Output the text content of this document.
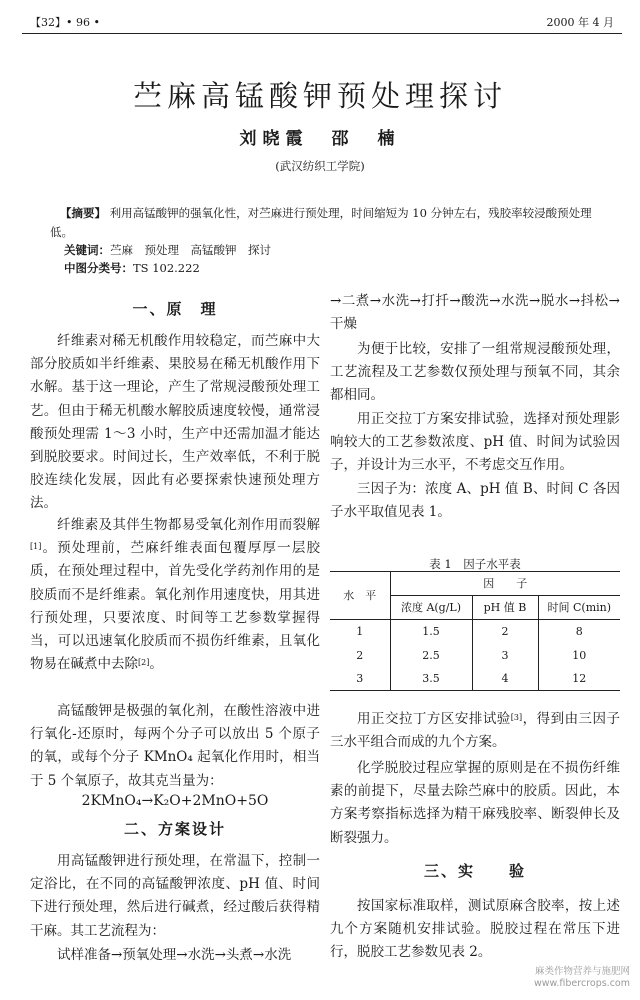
【32】• 96 •	2000 年 4 月
苎麻高锰酸钾预处理探讨
刘晓霞　邵　楠
(武汉纺织工学院)
【摘要】 利用高锰酸钾的强氧化性，对苎麻进行预处理，时间缩短为 10 分钟左右，残胶率较浸酸预处理低。
关键词：苎麻　预处理　高锰酸钾　探讨
中图分类号：TS 102.222
一、原　理

纤维素对稀无机酸作用较稳定，而苎麻中大部分胶质如半纤维素、果胶易在稀无机酸作用下水解。基于这一理论，产生了常规浸酸预处理工艺。但由于稀无机酸水解胶质速度较慢，通常浸酸预处理需 1～3 小时，生产中还需加温才能达到脱胶要求。时间过长，生产效率低，不利于脱胶连续化发展，因此有必要探索快速预处理方法。

纤维素及其伴生物都易受氧化剂作用而裂解[1]。预处理前，苎麻纤维表面包覆厚厚一层胶质，在预处理过程中，首先受化学药剂作用的是胶质而不是纤维素。氧化剂作用速度快，用其进行预处理，只要浓度、时间等工艺参数掌握得当，可以迅速氧化胶质而不损伤纤维素，且氧化物易在碱煮中去除[2]。

高锰酸钾是极强的氧化剂，在酸性溶液中进行氧化-还原时，每两个分子可以放出 5 个原子的氧，或每个分子 KMnO₄ 起氧化作用时，相当于 5 个氧原子，故其克当量为：

2KMnO₄→K₂O+2MnO+5O
二、方案设计

用高锰酸钾进行预处理，在常温下，控制一定浴比，在不同的高锰酸钾浓度、pH 值、时间下进行预处理，然后进行碱煮，经过酸后获得精干麻。其工艺流程为：

试样准备→预氧处理→水洗→头煮→水洗

→二煮→水洗→打扦→酸洗→水洗→脱水→抖松→干燥

为便于比较，安排了一组常规浸酸预处理，工艺流程及工艺参数仅预处理与预氧不同，其余都相同。

用正交拉丁方案安排试验，选择对预处理影响较大的工艺参数浓度、pH 值、时间为试验因子，并设计为三水平，不考虑交互作用。

三因子为：浓度 A、pH 值 B、时间 C 各因子水平取值见表 1。

表 1　因子水平表
水　平	因　　子		
	浓度 A(g/L)	pH 值 B	时间 C(min)
1	1.5	2	8
2	2.5	3	10
3	3.5	4	12

用正交拉丁方区安排试验[3]，得到由三因子三水平组合而成的九个方案。

化学脱胶过程应掌握的原则是在不损伤纤维素的前提下，尽量去除苎麻中的胶质。因此，本方案考察指标选择为精干麻残胶率、断裂伸长及断裂强力。

三、实　　验

按国家标准取样，测试原麻含胶率，按上述九个方案随机安排试验。脱胶过程在常压下进行，脱胶工艺参数见表 2。

麻类作物营养与施肥网
www.fibercrops.com
